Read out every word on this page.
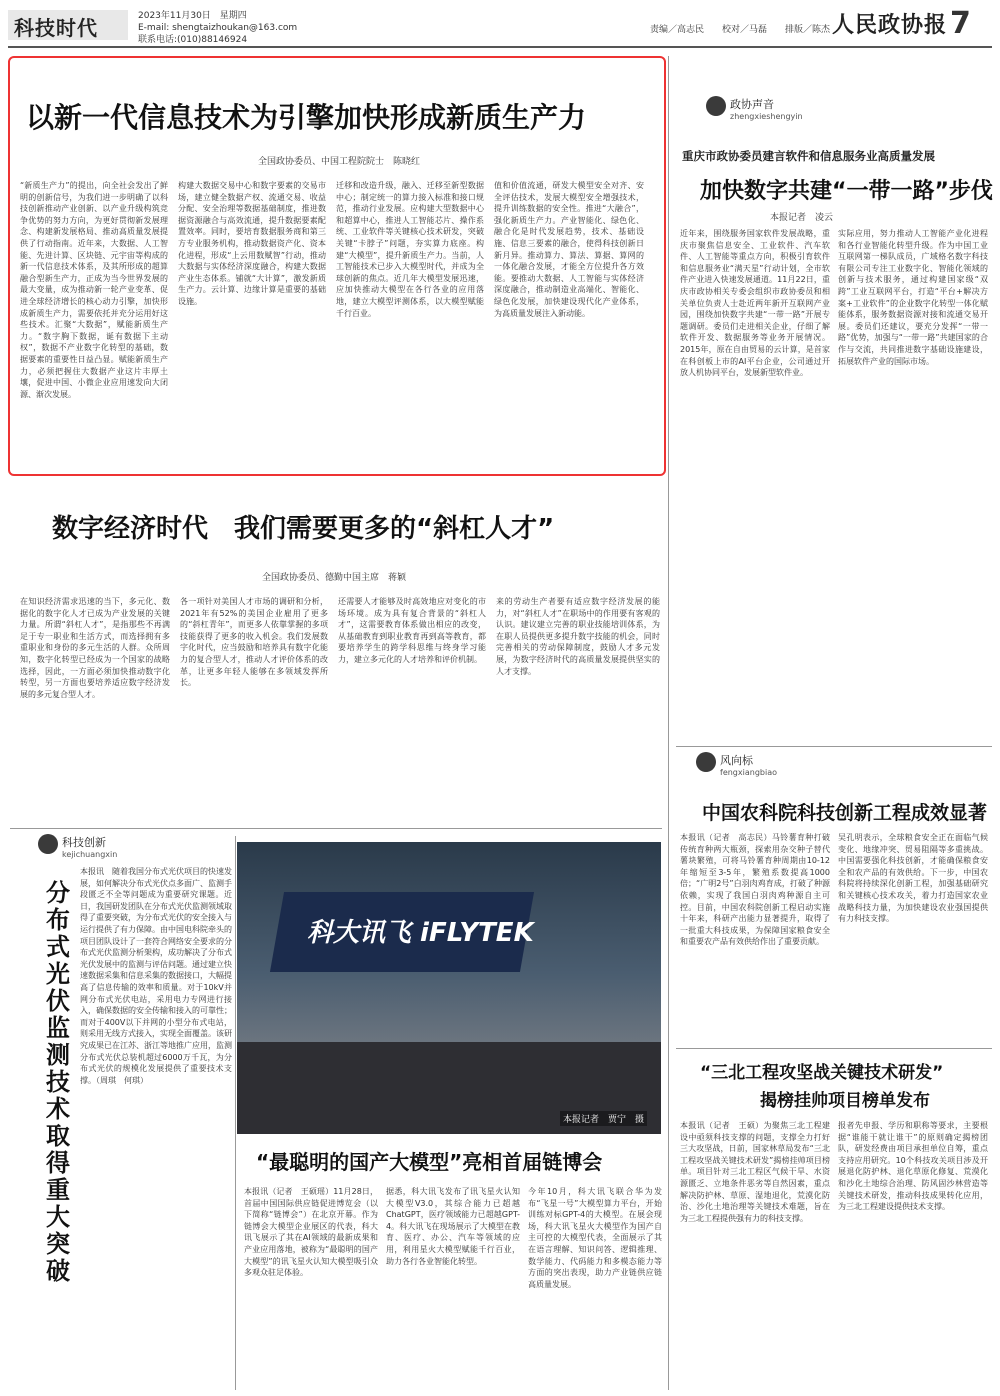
科技时代	2023年11月30日　星期四
E-mail: shengtaizhoukan@163.com
联系电话:(010)88146924
责编／高志民　　校对／马磊　　排版／陈杰 人民政协报 7
以新一代信息技术为引擎加快形成新质生产力
全国政协委员、中国工程院院士　陈晓红
“新质生产力”的提出，向全社会发出了鲜明的创新信号，为我们进一步明确了以科技创新推动产业创新、以产业升级构筑竞争优势的努力方向，为更好贯彻新发展理念、构建新发展格局、推动高质量发展提供了行动指南。近年来，大数据、人工智能、先进计算、区块链、元宇宙等构成的新一代信息技术体系，及其所形成的超算融合型新生产力，正成为当今世界发展的最大变量，成为推动新一轮产业变革、促进全球经济增长的核心动力引擎，加快形成新质生产力，需要依托并充分运用好这些技术。汇聚“大数据”，赋能新质生产力。“数字胸下数据，诞有数据下主动权”，数据不产业数字化转型的基础，数据要素的重要性日益凸显。赋能新质生产力，必须把握住大数据产业这片丰厚土壤，促进中国、小微企业应用速发向大闭源、渐次发展。
构建大数据交易中心和数字要素的交易市场，建立健全数据产权、流通交易、收益分配、安全治理等数据基础制度，推进数据资源融合与高效流通，提升数据要素配置效率。同时，要培育数据服务商和第三方专业服务机构，推动数据资产化、资本化进程，形成“上云用数赋智”行动，推动大数据与实体经济深度融合，构建大数据产业生态体系。铺就“大计算”，激发新质生产力。云计算、边缘计算是重要的基础设施。
迁移和改造升级，融入、迁移至新型数据中心；制定统一的算力接入标准和接口规范，推动行业发展。应构建大型数据中心和超算中心，推进人工智能芯片、操作系统、工业软件等关键核心技术研发，突破关键“卡脖子”问题，夯实算力底座。构建“大模型”，提升新质生产力。当前，人工智能技术已步入大模型时代，并成为全球创新的焦点。近几年大模型发展迅速，应加快推动大模型在各行各业的应用落地，建立大模型评测体系，以大模型赋能千行百业。
值和价值流通，研发大模型安全对齐、安全评估技术，发展大模型安全增强技术，提升训练数据的安全性。推进“大融合”，强化新质生产力。产业智能化、绿色化、融合化是时代发展趋势，技术、基础设施、信息三要素的融合，使得科技创新日新月异。推动算力、算法、算据、算网的一体化融合发展，才能全方位提升各方效能。要推动大数据、人工智能与实体经济深度融合，推动制造业高端化、智能化、绿色化发展，加快建设现代化产业体系，为高质量发展注入新动能。
数字经济时代　我们需要更多的“斜杠人才”
全国政协委员、德勤中国主席　蒋颖
在知识经济需求迅速的当下，多元化、数据化的数字化人才已成为产业发展的关键力量。所谓“斜杠人才”，是指那些不再满足于专一职业和生活方式，而选择拥有多重职业和身份的多元生活的人群。众所周知，数字化转型已经成为一个国家的战略选择，因此，一方面必须加快推动数字化转型，另一方面也要培养适应数字经济发展的多元复合型人才。
各一项针对美国人才市场的调研和分析，2021年有52%的美国企业雇用了更多的“斜杠青年”，而更多人依靠掌握的多项技能获得了更多的收入机会。我们发展数字化时代，应当鼓励和培养具有数字化能力的复合型人才，推动人才评价体系的改革，让更多年轻人能够在多领域发挥所长。
还需要人才能够及时高效地应对变化的市场环境。成为具有复合背景的“斜杠人才”，这需要教育体系做出相应的改变，从基础教育到职业教育再到高等教育，都要培养学生的跨学科思维与终身学习能力，建立多元化的人才培养和评价机制。
来的劳动生产者要有适应数字经济发展的能力，对“斜杠人才”在职场中的作用要有客观的认识。建议建立完善的职业技能培训体系，为在职人员提供更多提升数字技能的机会，同时完善相关的劳动保障制度，鼓励人才多元发展，为数字经济时代的高质量发展提供坚实的人才支撑。
科技创新
kejichuangxin
分布式光伏监测技术取得重大突破
本报讯　随着我国分布式光伏项目的快速发展，如何解决分布式光伏点多面广、监测手段匮乏不全等问题成为重要研究课题。近日，我国研发团队在分布式光伏监测领域取得了重要突破，为分布式光伏的安全接入与运行提供了有力保障。由中国电科院牵头的项目团队设计了一套符合网络安全要求的分布式光伏监测分析架构，成功解决了分布式光伏发展中的监测与评估问题。通过建立快速数据采集和信息采集的数据接口，大幅提高了信息传输的效率和质量。对于10kV并网分布式光伏电站，采用电力专网进行接入，确保数据的安全传输和接入的可靠性；而对于400V以下并网的小型分布式电站，则采用无线方式接入，实现全面覆盖。该研究成果已在江苏、浙江等地推广应用，监测分布式光伏总装机超过6000万千瓦，为分布式光伏的规模化发展提供了重要技术支撑。（周琪　何琪）
科大讯飞 iFLYTEK
本报记者　贾宁　摄
“最聪明的国产大模型”亮相首届链博会
本报讯（记者　王硕瑶）11月28日，首届中国国际供应链促进博览会（以下简称“链博会”）在北京开幕。作为链博会大模型企业展区的代表，科大讯飞展示了其在AI领域的最新成果和产业应用落地，被称为“最聪明的国产大模型”的讯飞星火认知大模型吸引众多观众驻足体验。
据悉，科大讯飞发布了讯飞星火认知大模型V3.0，其综合能力已超越ChatGPT，医疗领域能力已超越GPT-4。科大讯飞在现场展示了大模型在教育、医疗、办公、汽车等领域的应用，利用星火大模型赋能千行百业，助力各行各业智能化转型。
今年10月，科大讯飞联合华为发布“飞星一号”大模型算力平台，开始训练对标GPT-4的大模型。在展会现场，科大讯飞星火大模型作为国产自主可控的大模型代表，全面展示了其在语言理解、知识问答、逻辑推理、数学能力、代码能力和多模态能力等方面的突出表现，助力产业链供应链高质量发展。
政协声音
zhengxieshengyin
重庆市政协委员建言软件和信息服务业高质量发展
加快数字共建“一带一路”步伐
本报记者　凌云
近年来，围绕服务国家软件发展战略，重庆市聚焦信息安全、工业软件、汽车软件、人工智能等重点方向，积极引育软件和信息服务业“满天星”行动计划，全市软件产业进入快速发展通道。11月22日，重庆市政协相关专委会组织市政协委员和相关单位负责人士赴近两年新开互联网产业园，围绕加快数字共建“一带一路”开展专题调研。委员们走进相关企业，仔细了解软件开发、数据服务等业务开展情况。2015年，原在自由贸易的云计算，是首家在科创板上市的AI平台企业，公司通过开放人机协同平台，发展新型软件业。
实际应用，努力推动人工智能产业化进程和各行业智能化转型升级。作为中国工业互联网第一梯队成员，广域格名数字科技有限公司专注工业数字化、智能化领域的创新与技术服务，通过构建国家级“双跨”工业互联网平台，打造“平台+解决方案+工业软件”的企业数字化转型一体化赋能体系，服务数据资源对接和流通交易开展。委员们还建议，要充分发挥“一带一路”优势，加强与“一带一路”共建国家的合作与交流，共同推进数字基础设施建设，拓展软件产业的国际市场。
风向标
fengxiangbiao
中国农科院科技创新工程成效显著
本报讯（记者　高志民）马铃薯育种打破传统育种两大瓶颈，探索用杂交种子替代薯块繁殖，可将马铃薯育种周期由10-12年缩短至3-5年，繁殖系数提高1000倍；“广明2号”白羽肉鸡育成，打破了种源依赖，实现了我国白羽肉鸡种源自主可控。目前，中国农科院创新工程启动实施十年来，科研产出能力显著提升，取得了一批重大科技成果，为保障国家粮食安全和重要农产品有效供给作出了重要贡献。
吴孔明表示，全球粮食安全正在面临气候变化、地缘冲突、贸易阻隔等多重挑战。中国需要强化科技创新，才能确保粮食安全和农产品的有效供给。下一步，中国农科院将持续深化创新工程，加强基础研究和关键核心技术攻关，着力打造国家农业战略科技力量，为加快建设农业强国提供有力科技支撑。
“三北工程攻坚战关键技术研发”
揭榜挂帅项目榜单发布
本报讯（记者　王硕）为聚焦三北工程建设中亟须科技支撑的问题，支撑全力打好三大攻坚战，日前，国家林草局发布“三北工程攻坚战关键技术研发”揭榜挂帅项目榜单。项目针对三北工程区气候干旱、水资源匮乏、立地条件恶劣等自然因素，重点解决防护林、草原、湿地退化，荒漠化防治、沙化土地治理等关键技术难题，旨在为三北工程提供强有力的科技支撑。
报者先申报、学历和职称等要求，主要根据“谁能干就让谁干”的原则确定揭榜团队，研发经费由项目承担单位自筹，重点支持应用研究。10个科技攻关项目涉及开展退化防护林、退化草原化修复、荒漠化和沙化土地综合治理、防风固沙林营造等关键技术研发，推动科技成果转化应用，为三北工程建设提供技术支撑。
